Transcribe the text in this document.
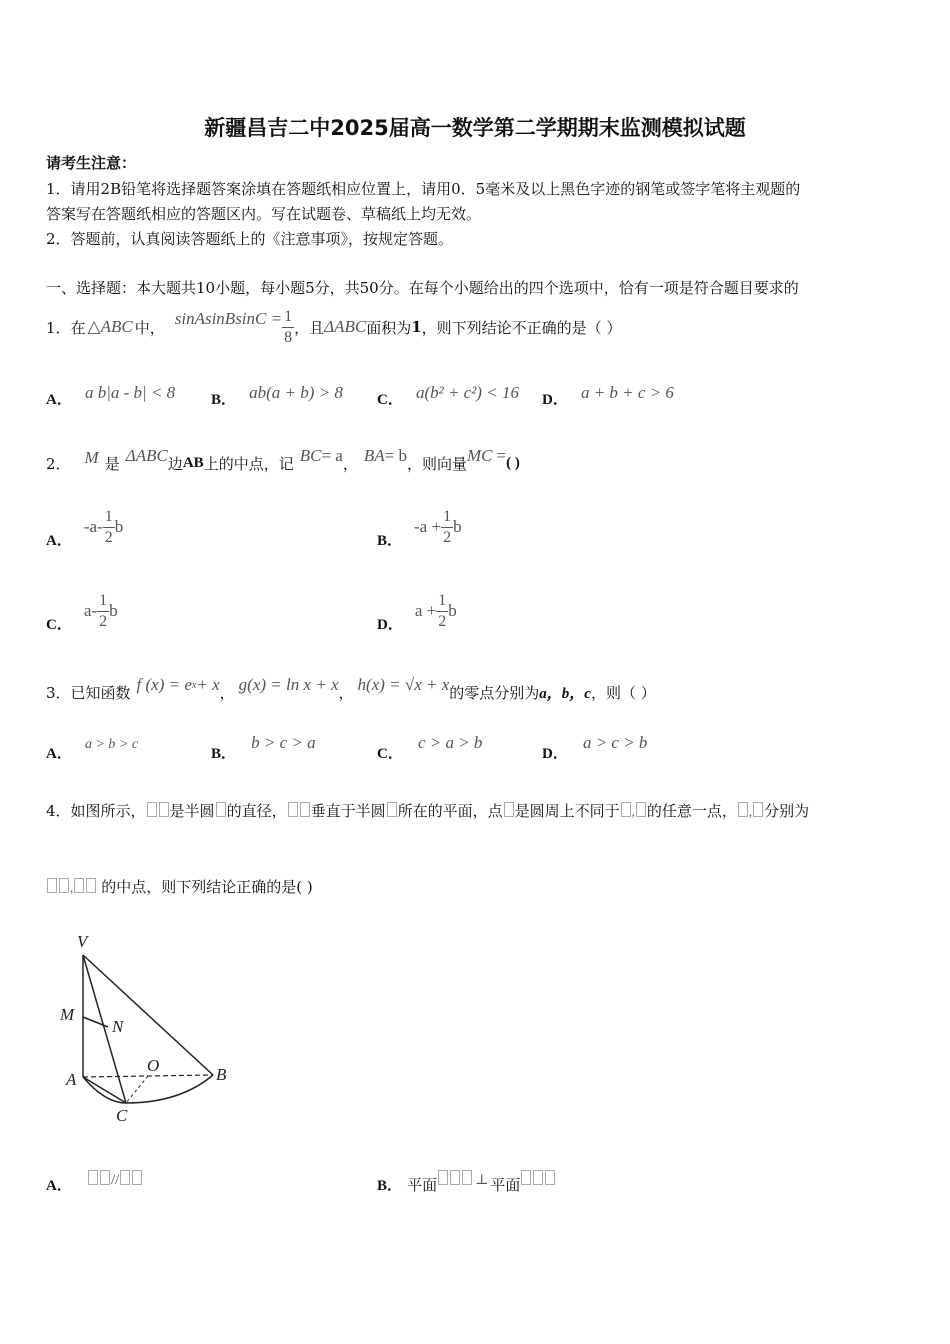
新疆昌吉二中2025届高一数学第二学期期末监测模拟试题
请考生注意：
1．请用2B铅笔将选择题答案涂填在答题纸相应位置上，请用0．5毫米及以上黑色字迹的钢笔或签字笔将主观题的
答案写在答题纸相应的答题区内。写在试题卷、草稿纸上均无效。
2．答题前，认真阅读答题纸上的《注意事项》，按规定答题。
一、选择题：本大题共10小题，每小题5分，共50分。在每个小题给出的四个选项中，恰有一项是符合题目要求的
1．在 △ABC 中， sinAsinBsinC = $\frac{1}{8}$ ，且 ΔABC 面积为 1 ，则下列结论不正确的是（ ）
A． a b|a - b| < 8 B． ab(a + b) > 8 C． a(b² + c²) < 16 D． a + b + c > 6
2． M 是 ΔABC 边 AB 上的中点，记 BC = a ， BA = b ，则向量 MC = ( )
A．
$-a- \frac{1}{2}$ b
B．
$-a + \frac{1}{2}$ b
C．
$a- \frac{1}{2}$ b
D．
$a + \frac{1}{2}$ b
3．已知函数 f (x) = e x + x ， g(x) = ln x + x ， h(x) = √x + x 的零点分别为 a，b，c ，则（ ）
A． a > b > c
B． b > c > a
C． c > a > b
D． a > c > b
4．如图所示， 是半圆 的直径， 垂直于半圆 所在的平面，点 是圆周上不同于 , 的任意一点， , 分别为
, 的中点，则下列结论正确的是( )
V
M
N
O
A	B
C
A．	//	B． 平面	⊥ 平面
